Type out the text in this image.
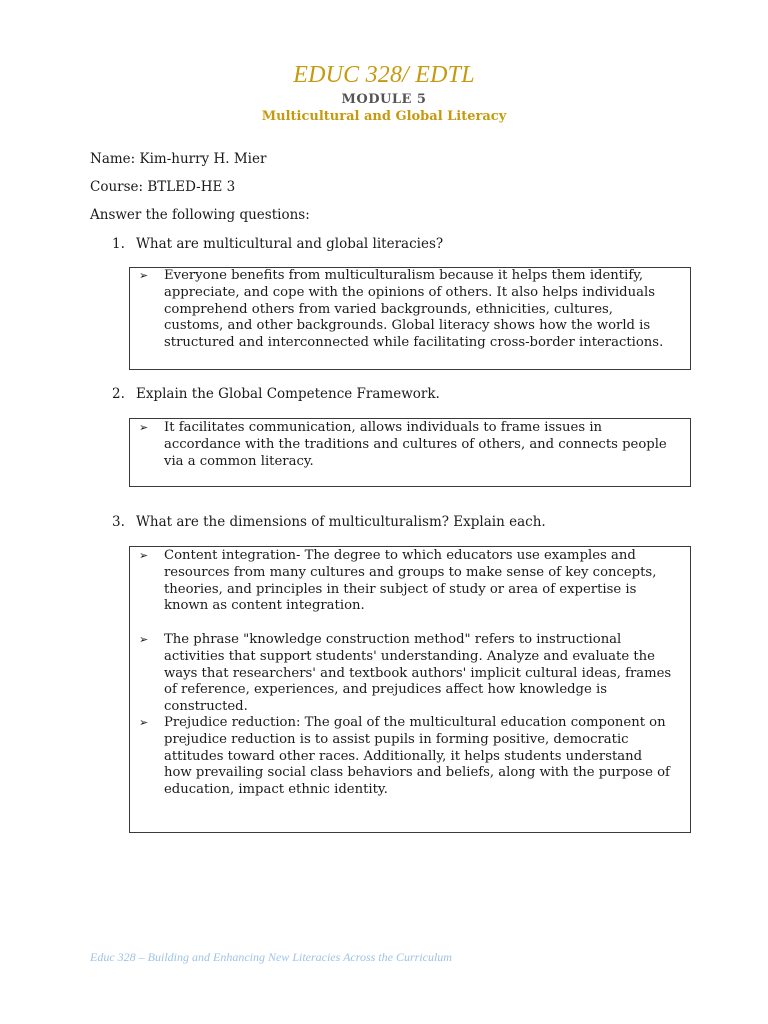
EDUC 328/ EDTL
MODULE 5
Multicultural and Global Literacy
Name: Kim-hurry H. Mier
Course: BTLED-HE 3
Answer the following questions:
1. What are multicultural and global literacies?
➢ Everyone benefits from multiculturalism because it helps them identify, appreciate, and cope with the opinions of others. It also helps individuals comprehend others from varied backgrounds, ethnicities, cultures, customs, and other backgrounds. Global literacy shows how the world is structured and interconnected while facilitating cross-border interactions.
2. Explain the Global Competence Framework.
➢ It facilitates communication, allows individuals to frame issues in accordance with the traditions and cultures of others, and connects people via a common literacy.
3. What are the dimensions of multiculturalism? Explain each.
➢ Content integration- The degree to which educators use examples and resources from many cultures and groups to make sense of key concepts, theories, and principles in their subject of study or area of expertise is known as content integration.
➢ The phrase "knowledge construction method" refers to instructional activities that support students' understanding. Analyze and evaluate the ways that researchers' and textbook authors' implicit cultural ideas, frames of reference, experiences, and prejudices affect how knowledge is constructed.
➢ Prejudice reduction: The goal of the multicultural education component on prejudice reduction is to assist pupils in forming positive, democratic attitudes toward other races. Additionally, it helps students understand how prevailing social class behaviors and beliefs, along with the purpose of education, impact ethnic identity.
Educ 328 – Building and Enhancing New Literacies Across the Curriculum
